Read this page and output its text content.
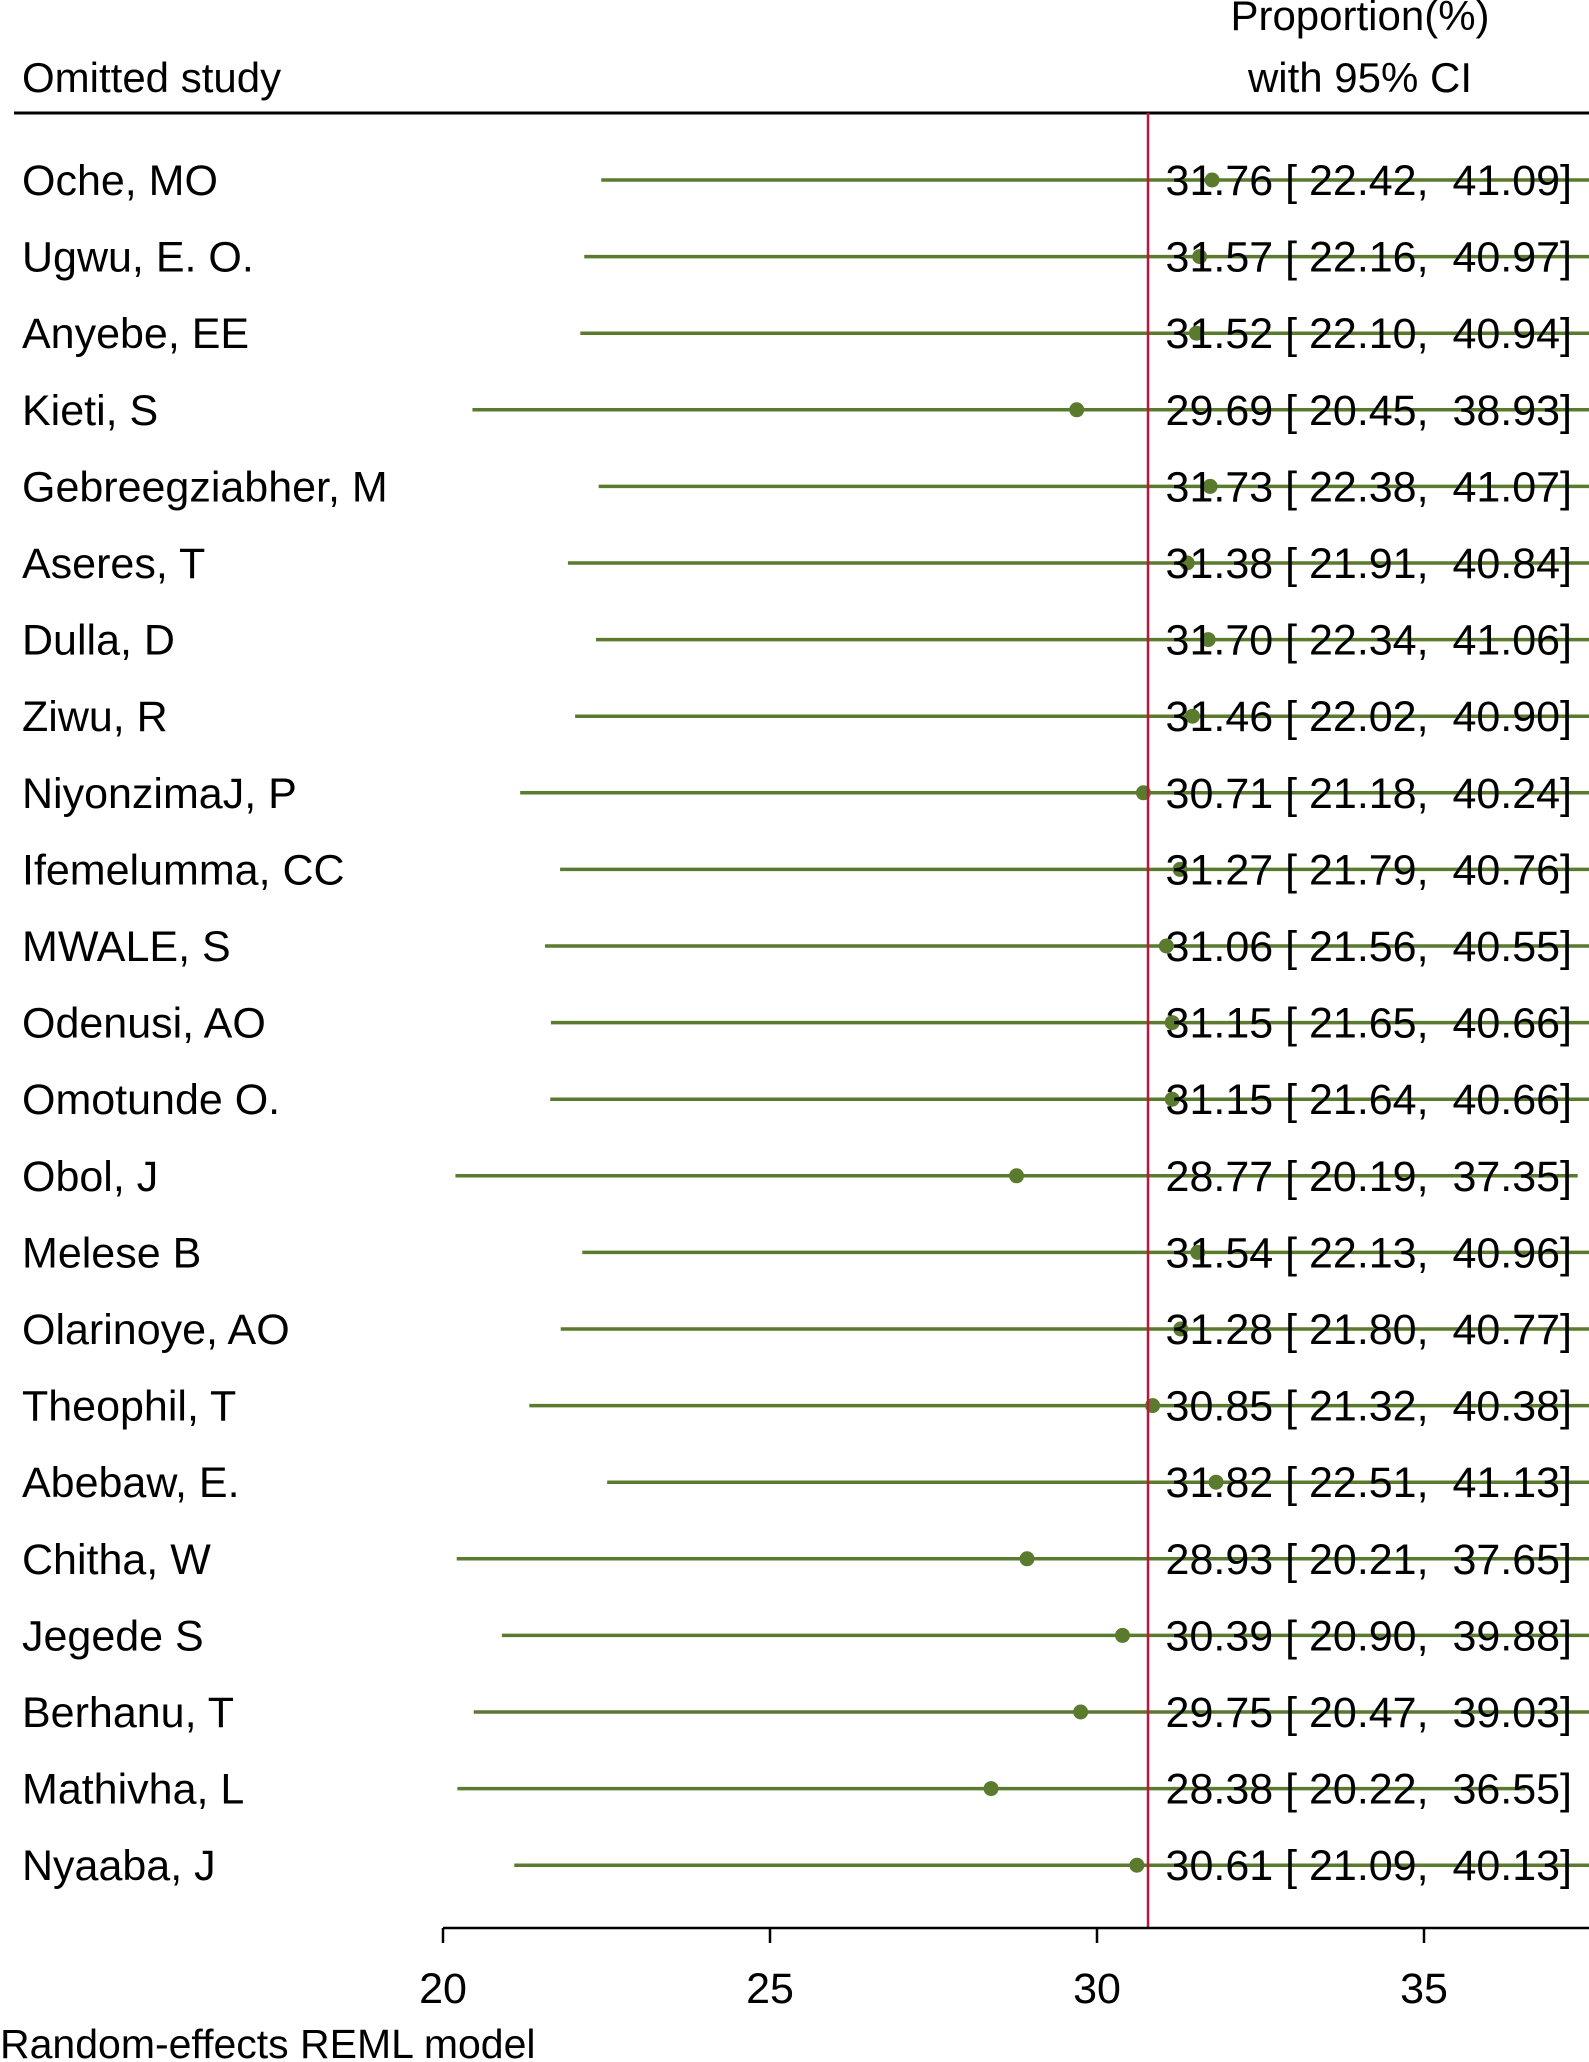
Proportion(%)
with 95% CI
Omitted study
Oche, MO	31.76 [ 22.42,  41.09]
Ugwu, E. O.	31.57 [ 22.16,  40.97]
Anyebe, EE	31.52 [ 22.10,  40.94]
Kieti, S	29.69 [ 20.45,  38.93]
Gebreegziabher, M	31.73 [ 22.38,  41.07]
Aseres, T	31.38 [ 21.91,  40.84]
Dulla, D	31.70 [ 22.34,  41.06]
Ziwu, R	31.46 [ 22.02,  40.90]
NiyonzimaJ, P	30.71 [ 21.18,  40.24]
Ifemelumma, CC	31.27 [ 21.79,  40.76]
MWALE, S	31.06 [ 21.56,  40.55]
Odenusi, AO	31.15 [ 21.65,  40.66]
Omotunde O.	31.15 [ 21.64,  40.66]
Obol, J	28.77 [ 20.19,  37.35]
Melese B	31.54 [ 22.13,  40.96]
Olarinoye, AO	31.28 [ 21.80,  40.77]
Theophil, T	30.85 [ 21.32,  40.38]
Abebaw, E.	31.82 [ 22.51,  41.13]
Chitha, W	28.93 [ 20.21,  37.65]
Jegede S	30.39 [ 20.90,  39.88]
Berhanu, T	29.75 [ 20.47,  39.03]
Mathivha, L	28.38 [ 20.22,  36.55]
Nyaaba, J	30.61 [ 21.09,  40.13]
20	25	30	35
Random-effects REML model
